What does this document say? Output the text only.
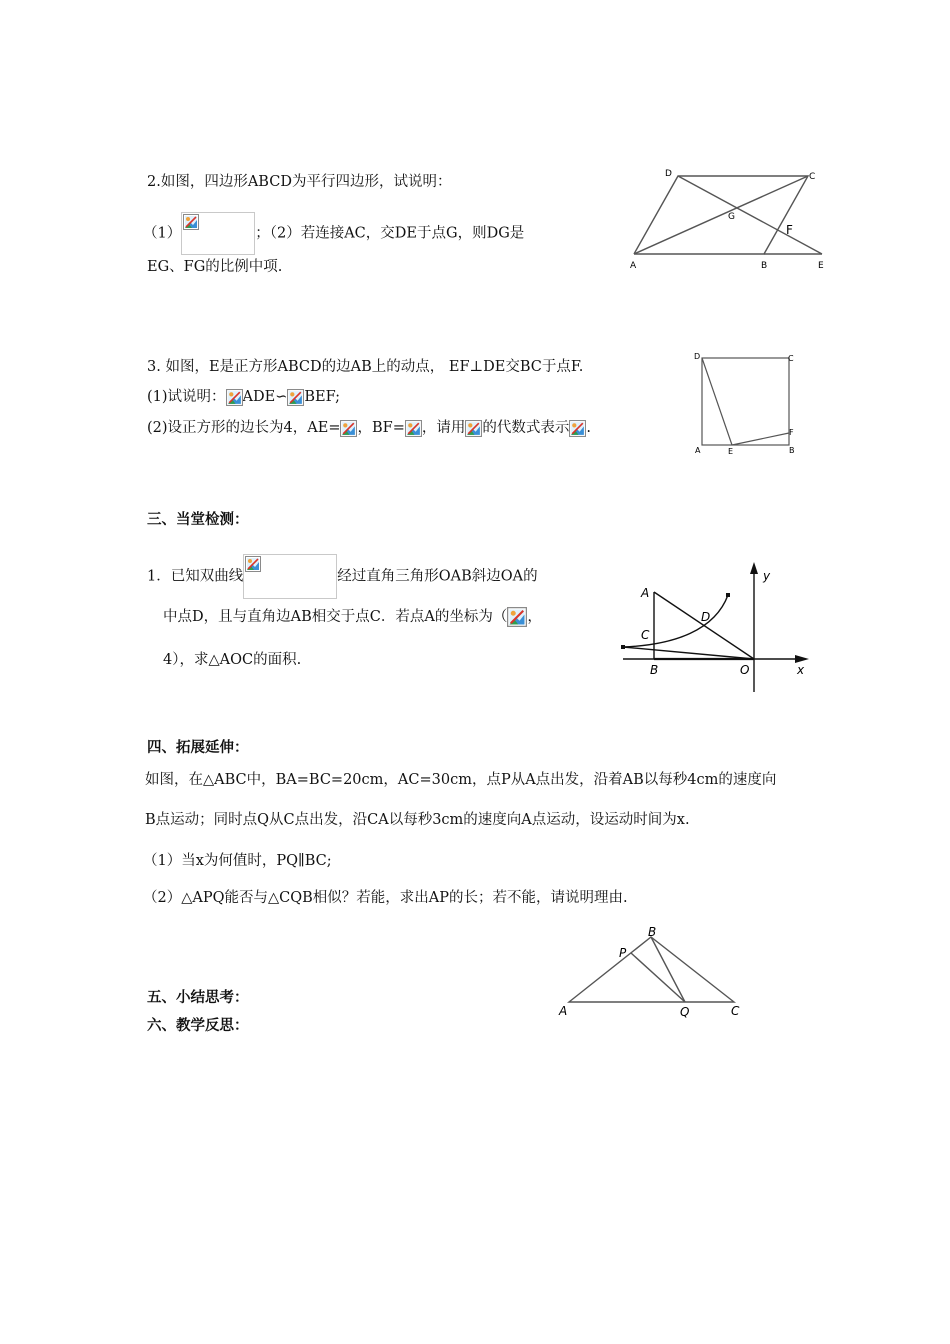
2.如图，四边形ABCD为平行四边形，试说明：
（1）	；（2）若连接AC，交DE于点G，则DG是
EG、FG的比例中项.
D	C
G
F
A	B	E
3. 如图，E是正方形ABCD的边AB上的动点， EF⊥DE交BC于点F.
(1)试说明： ADE∽ BEF;
(2)设正方形的边长为4，AE= ，BF= ，请用 的代数式表示 .
D	C
F
A	E	B
三、当堂检测：
1．已知双曲线	经过直角三角形OAB斜边OA的
中点D，且与直角边AB相交于点C．若点A的坐标为（ ，
4），求△AOC的面积.
y
A
D
C
B	O	x
四、拓展延伸：
如图，在△ABC中，BA=BC=20cm，AC=30cm，点P从A点出发，沿着AB以每秒4cm的速度向
B点运动；同时点Q从C点出发，沿CA以每秒3cm的速度向A点运动，设运动时间为x.
（1）当x为何值时，PQ∥BC;
（2）△APQ能否与△CQB相似？若能，求出AP的长；若不能，请说明理由.
B
P
A	Q	C
五、小结思考：
六、教学反思：
